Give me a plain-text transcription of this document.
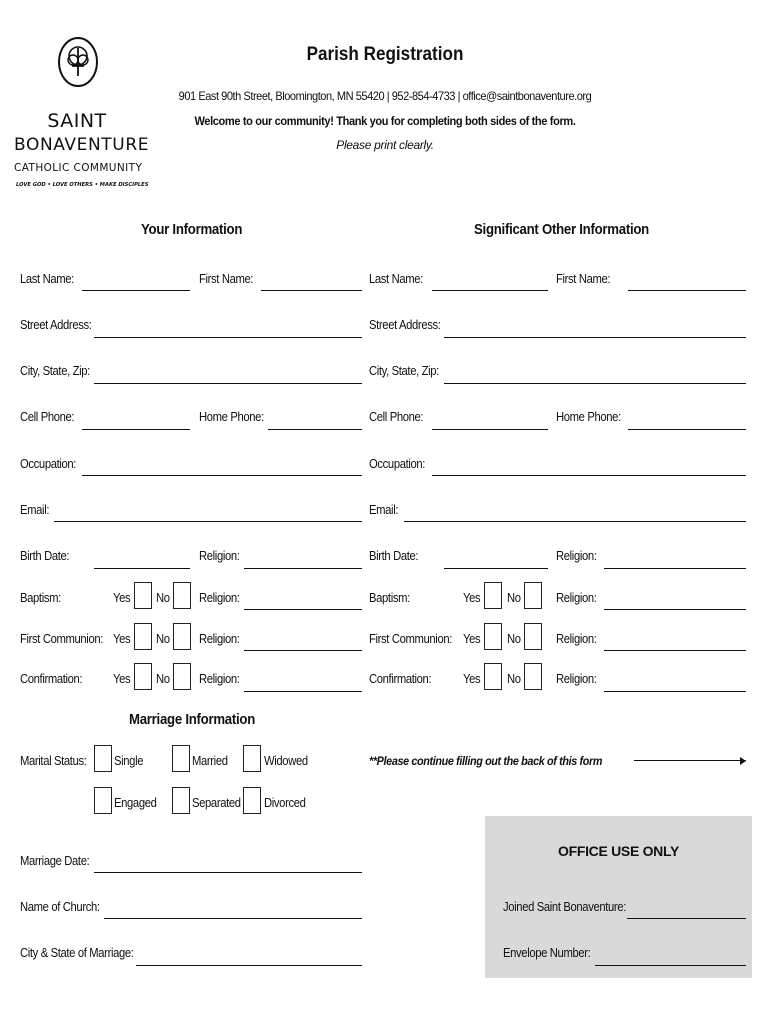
SAINT
BONAVENTURE
CATHOLIC COMMUNITY
LOVE GOD • LOVE OTHERS • MAKE DISCIPLES
Parish Registration
901 East 90th Street, Bloomington, MN 55420 | 952-854-4733 | office@saintbonaventure.org
Welcome to our community! Thank you for completing both sides of the form.
Please print clearly.
Your Information	Significant Other Information
Last Name:	First Name:
Street Address:
City, State, Zip:
Cell Phone:	Home Phone:
Occupation:
Email:
Birth Date:	Religion:
Baptism:	Yes No Religion:
First Communion: Yes No Religion:
Confirmation: Yes No Religion:
Last Name:	First Name:
Street Address:
City, State, Zip:
Cell Phone:	Home Phone:
Occupation:
Email:
Birth Date:	Religion:
Baptism:	Yes No	Religion:
First Communion: Yes No	Religion:
Confirmation:	Yes No	Religion:
Marriage Information
Marital Status: Single	Married	Widowed
Engaged	Separated Divorced
Marriage Date:
Name of Church:
City & State of Marriage:
**Please continue filling out the back of this form
OFFICE USE ONLY
Joined Saint Bonaventure:
Envelope Number:
